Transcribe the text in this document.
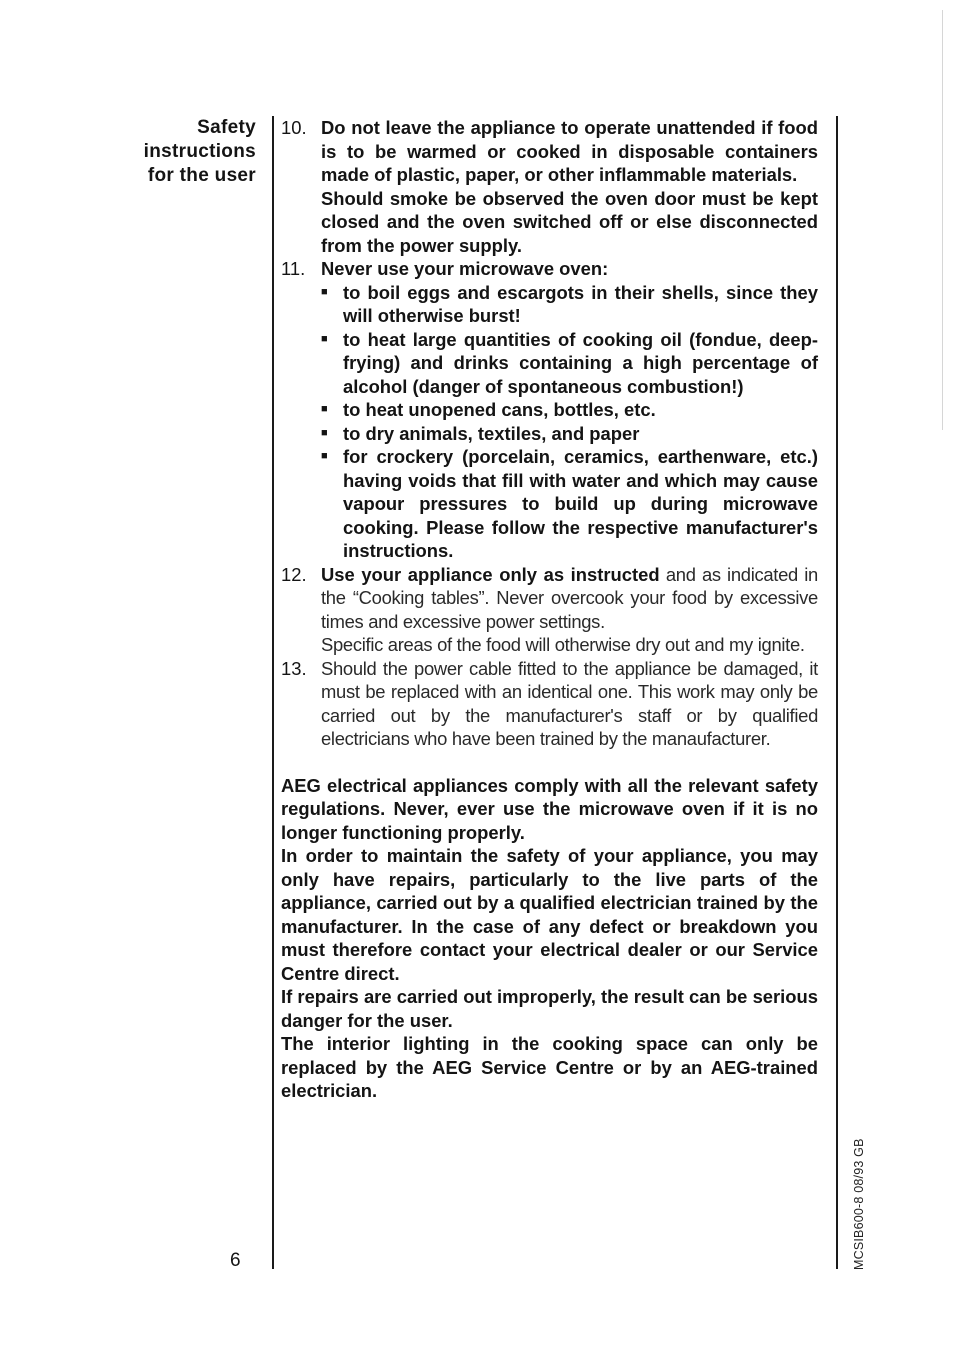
Safety
instructions
for the user
10. Do not leave the appliance to operate unattended if food is to be warmed or cooked in disposable containers made of plastic, paper, or other inflammable materials.

Should smoke be observed the oven door must be kept closed and the oven switched off or else disconnected from the power supply.

11. Never use your microwave oven:

■ to boil eggs and escargots in their shells, since they will otherwise burst!
■ to heat large quantities of cooking oil (fondue, deep-frying) and drinks containing a high percentage of alcohol (danger of spontaneous combustion!)
■ to heat unopened cans, bottles, etc.
■ to dry animals, textiles, and paper
■ for crockery (porcelain, ceramics, earthenware, etc.) having voids that fill with water and which may cause vapour pressures to build up during microwave cooking. Please follow the respective manufacturer's instructions.
12. Use your appliance only as instructed and as indicated in the “Cooking tables”. Never overcook your food by excessive times and excessive power settings.

Specific areas of the food will otherwise dry out and my ignite.

13. Should the power cable fitted to the appliance be damaged, it must be replaced with an identical one. This work may only be carried out by the manufacturer's staff or by qualified electricians who have been trained by the manaufacturer.

AEG electrical appliances comply with all the relevant safety regulations. Never, ever use the microwave oven if it is no longer functioning properly.

In order to maintain the safety of your appliance, you may only have repairs, particularly to the live parts of the appliance, carried out by a qualified electrician trained by the manufacturer. In the case of any defect or breakdown you must therefore contact your electrical dealer or our Service Centre direct.

If repairs are carried out improperly, the result can be serious danger for the user.

The interior lighting in the cooking space can only be replaced by the AEG Service Centre or by an AEG-trained electrician.

6	MCSIB600-8 08/93 GB
